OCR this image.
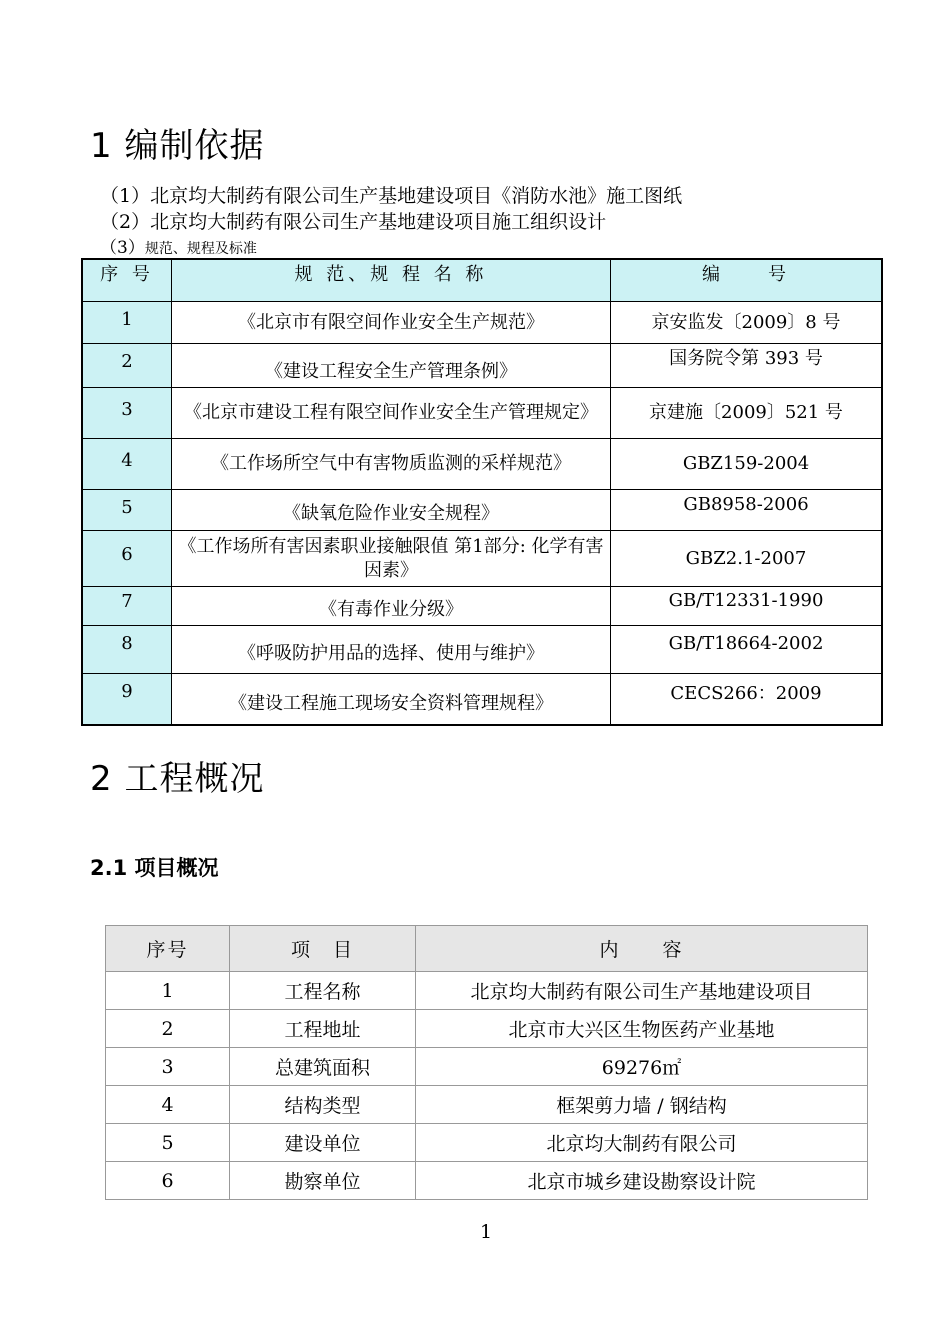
1 编制依据
（1）北京均大制药有限公司生产基地建设项目《消防水池》施工图纸
（2）北京均大制药有限公司生产基地建设项目施工组织设计
（3）规范、规程及标准
序 号	规 范、规 程 名 称	编　　号
1	《北京市有限空间作业安全生产规范》	京安监发〔2009〕8 号
2	《建设工程安全生产管理条例》	国务院令第 393 号
3	《北京市建设工程有限空间作业安全生产管理规定》	京建施〔2009〕521 号
4	《工作场所空气中有害物质监测的采样规范》	GBZ159-2004
5	《缺氧危险作业安全规程》	GB8958-2006
6	《工作场所有害因素职业接触限值 第1部分: 化学有害因素》	GBZ2.1-2007
7	《有毒作业分级》	GB/T12331-1990
8	《呼吸防护用品的选择、使用与维护》	GB/T18664-2002
9	《建设工程施工现场安全资料管理规程》	CECS266：2009
2 工程概况
2.1 项目概况
序号	项　目	内　　容
1	工程名称	北京均大制药有限公司生产基地建设项目
2	工程地址	北京市大兴区生物医药产业基地
3	总建筑面积	69276㎡
4	结构类型	框架剪力墙 / 钢结构
5	建设单位	北京均大制药有限公司
6	勘察单位	北京市城乡建设勘察设计院
1
